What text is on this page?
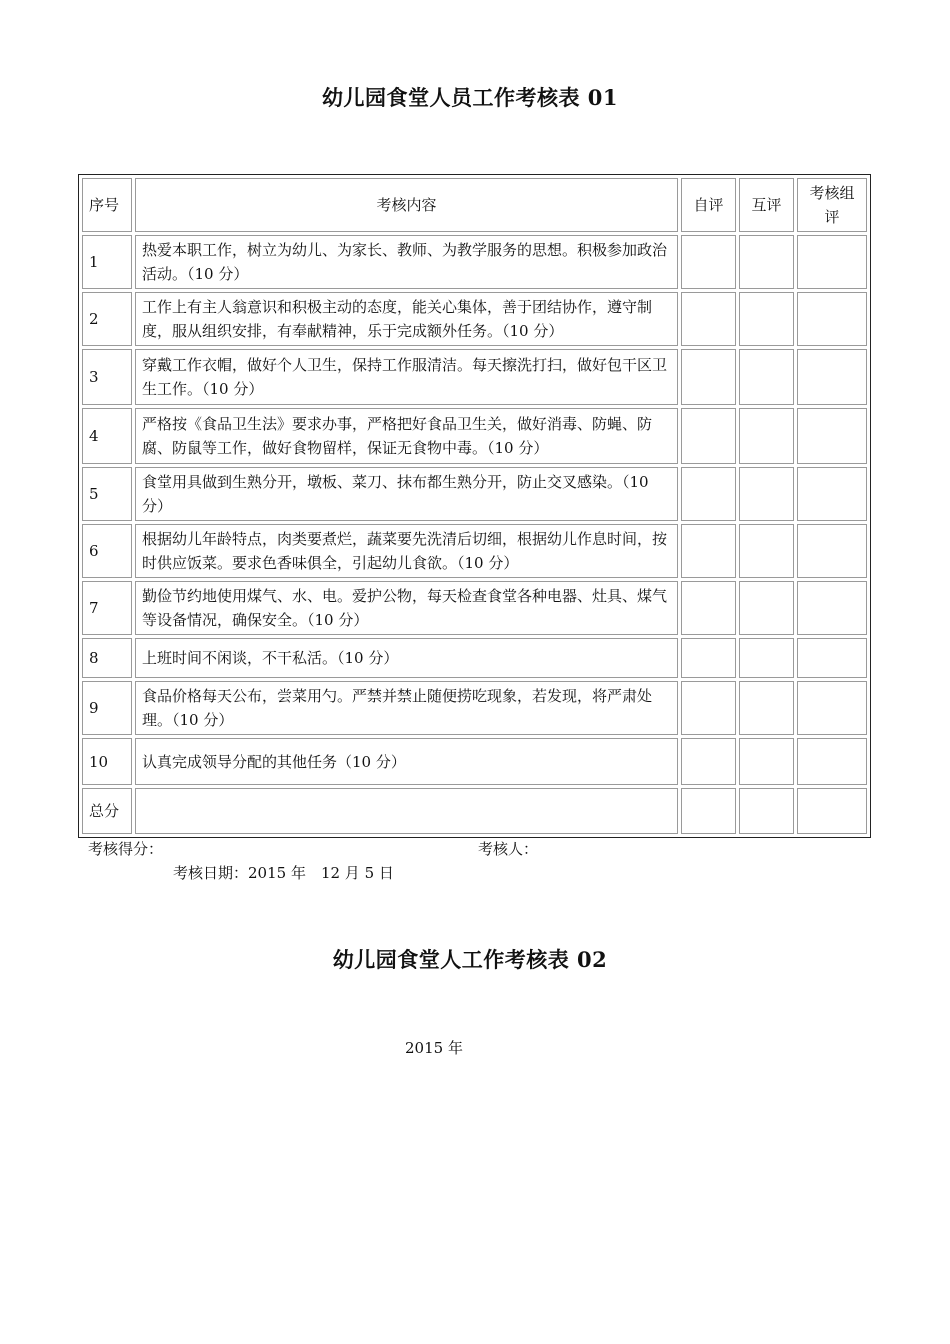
幼儿园食堂人员工作考核表 01
序号	考核内容	自评	互评	考核组评
1	热爱本职工作，树立为幼儿、为家长、教师、为教学服务的思想。积极参加政治活动。（10 分）			
2	工作上有主人翁意识和积极主动的态度，能关心集体，善于团结协作，遵守制度，服从组织安排，有奉献精神，乐于完成额外任务。（10 分）			
3	穿戴工作衣帽，做好个人卫生，保持工作服清洁。每天擦洗打扫，做好包干区卫生工作。（10 分）			
4	严格按《食品卫生法》要求办事，严格把好食品卫生关，做好消毒、防蝇、防腐、防鼠等工作，做好食物留样，保证无食物中毒。（10 分）			
5	食堂用具做到生熟分开，墩板、菜刀、抹布都生熟分开，防止交叉感染。（10分）			
6	根据幼儿年龄特点，肉类要煮烂，蔬菜要先洗清后切细，根据幼儿作息时间，按时供应饭菜。要求色香味俱全，引起幼儿食欲。（10 分）			
7	勤俭节约地使用煤气、水、电。爱护公物，每天检查食堂各种电器、灶具、煤气等设备情况，确保安全。（10 分）			
8	上班时间不闲谈，不干私活。（10 分）			
9	食品价格每天公布，尝菜用勺。严禁并禁止随便捞吃现象，若发现，将严肃处理。（10 分）			
10	认真完成领导分配的其他任务（10 分）			
总分				
考核得分：	考核人：
考核日期：2015 年　12 月 5 日
幼儿园食堂人工作考核表 02
2015 年
